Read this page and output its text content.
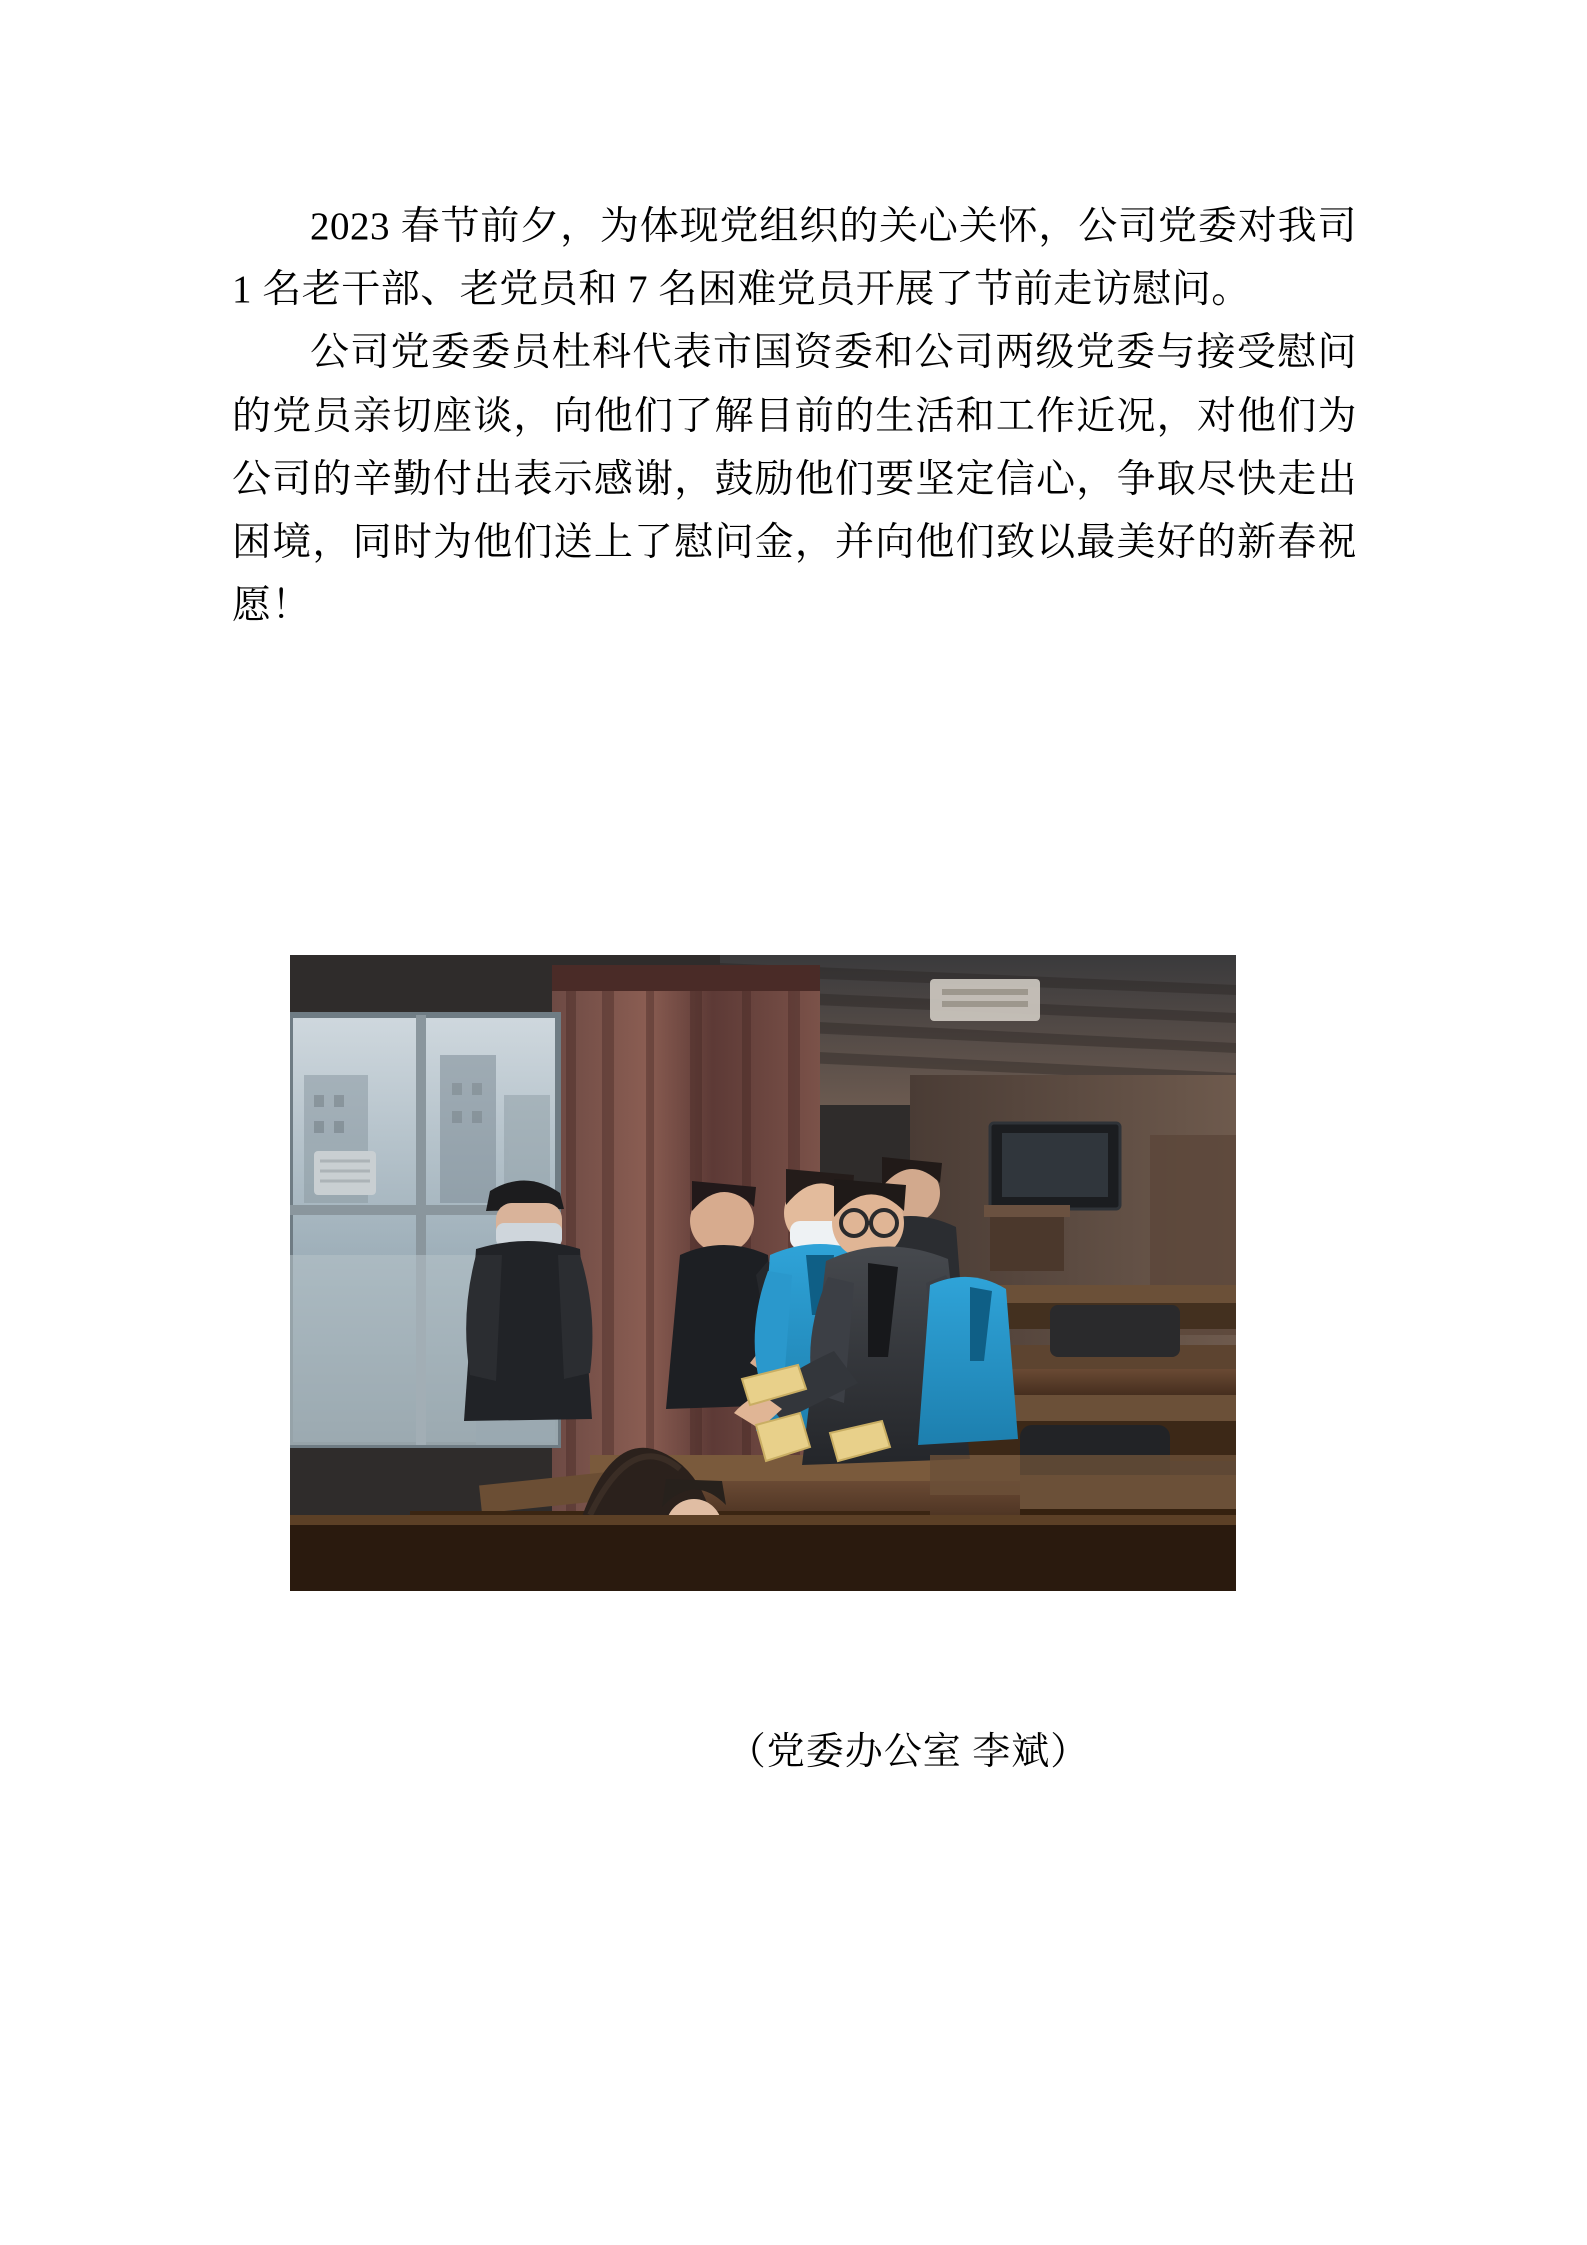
2023 春节前夕，为体现党组织的关心关怀，公司党委对我司 1 名老干部、老党员和 7 名困难党员开展了节前走访慰问。

公司党委委员杜科代表市国资委和公司两级党委与接受慰问的党员亲切座谈，向他们了解目前的生活和工作近况，对他们为公司的辛勤付出表示感谢，鼓励他们要坚定信心，争取尽快走出困境，同时为他们送上了慰问金，并向他们致以最美好的新春祝愿！

（党委办公室 李斌）
